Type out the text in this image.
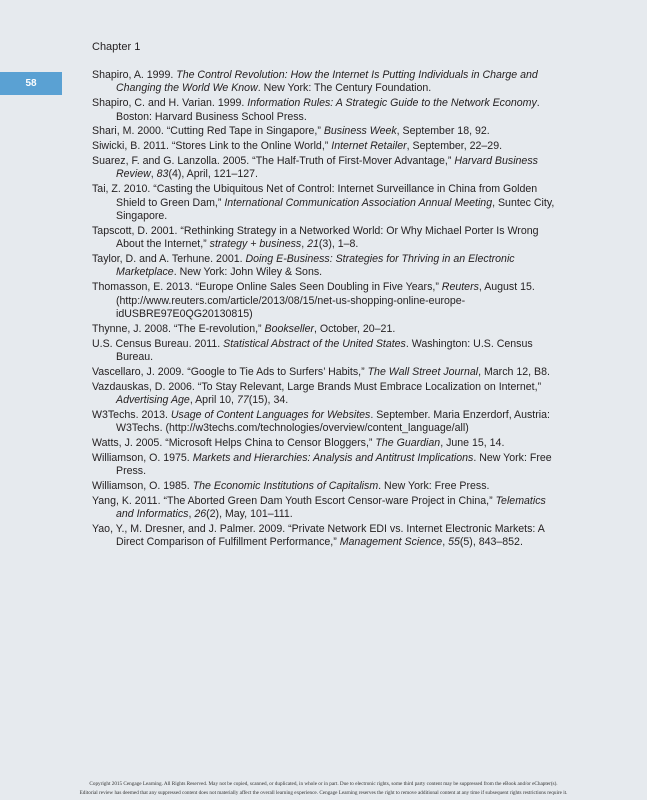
Chapter 1
58

Shapiro, A. 1999. The Control Revolution: How the Internet Is Putting Individuals in Charge and Changing the World We Know. New York: The Century Foundation.

Shapiro, C. and H. Varian. 1999. Information Rules: A Strategic Guide to the Network Economy. Boston: Harvard Business School Press.

Shari, M. 2000. “Cutting Red Tape in Singapore,” Business Week, September 18, 92.

Siwicki, B. 2011. “Stores Link to the Online World,” Internet Retailer, September, 22–29.

Suarez, F. and G. Lanzolla. 2005. “The Half-Truth of First-Mover Advantage,” Harvard Business Review, 83(4), April, 121–127.

Tai, Z. 2010. “Casting the Ubiquitous Net of Control: Internet Surveillance in China from Golden Shield to Green Dam,” International Communication Association Annual Meeting, Suntec City, Singapore.

Tapscott, D. 2001. “Rethinking Strategy in a Networked World: Or Why Michael Porter Is Wrong About the Internet,” strategy + business, 21(3), 1–8.

Taylor, D. and A. Terhune. 2001. Doing E-Business: Strategies for Thriving in an Electronic Marketplace. New York: John Wiley & Sons.

Thomasson, E. 2013. “Europe Online Sales Seen Doubling in Five Years,” Reuters, August 15. (http://www.reuters.com/article/2013/08/15/net-us-shopping-online-europe-idUSBRE97E0QG20130815)

Thynne, J. 2008. “The E-revolution,” Bookseller, October, 20–21.

U.S. Census Bureau. 2011. Statistical Abstract of the United States. Washington: U.S. Census Bureau.

Vascellaro, J. 2009. “Google to Tie Ads to Surfers’ Habits,” The Wall Street Journal, March 12, B8.

Vazdauskas, D. 2006. “To Stay Relevant, Large Brands Must Embrace Localization on Internet,” Advertising Age, April 10, 77(15), 34.

W3Techs. 2013. Usage of Content Languages for Websites. September. Maria Enzerdorf, Austria: W3Techs. (http://w3techs.com/technologies/overview/content_language/all)

Watts, J. 2005. “Microsoft Helps China to Censor Bloggers,” The Guardian, June 15, 14.

Williamson, O. 1975. Markets and Hierarchies: Analysis and Antitrust Implications. New York: Free Press.

Williamson, O. 1985. The Economic Institutions of Capitalism. New York: Free Press.

Yang, K. 2011. “The Aborted Green Dam Youth Escort Censor-ware Project in China,” Telematics and Informatics, 26(2), May, 101–111.

Yao, Y., M. Dresner, and J. Palmer. 2009. “Private Network EDI vs. Internet Electronic Markets: A Direct Comparison of Fulfillment Performance,” Management Science, 55(5), 843–852.

Copyright 2015 Cengage Learning. All Rights Reserved. May not be copied, scanned, or duplicated, in whole or in part. Due to electronic rights, some third party content may be suppressed from the eBook and/or eChapter(s).
Editorial review has deemed that any suppressed content does not materially affect the overall learning experience. Cengage Learning reserves the right to remove additional content at any time if subsequent rights restrictions require it.
